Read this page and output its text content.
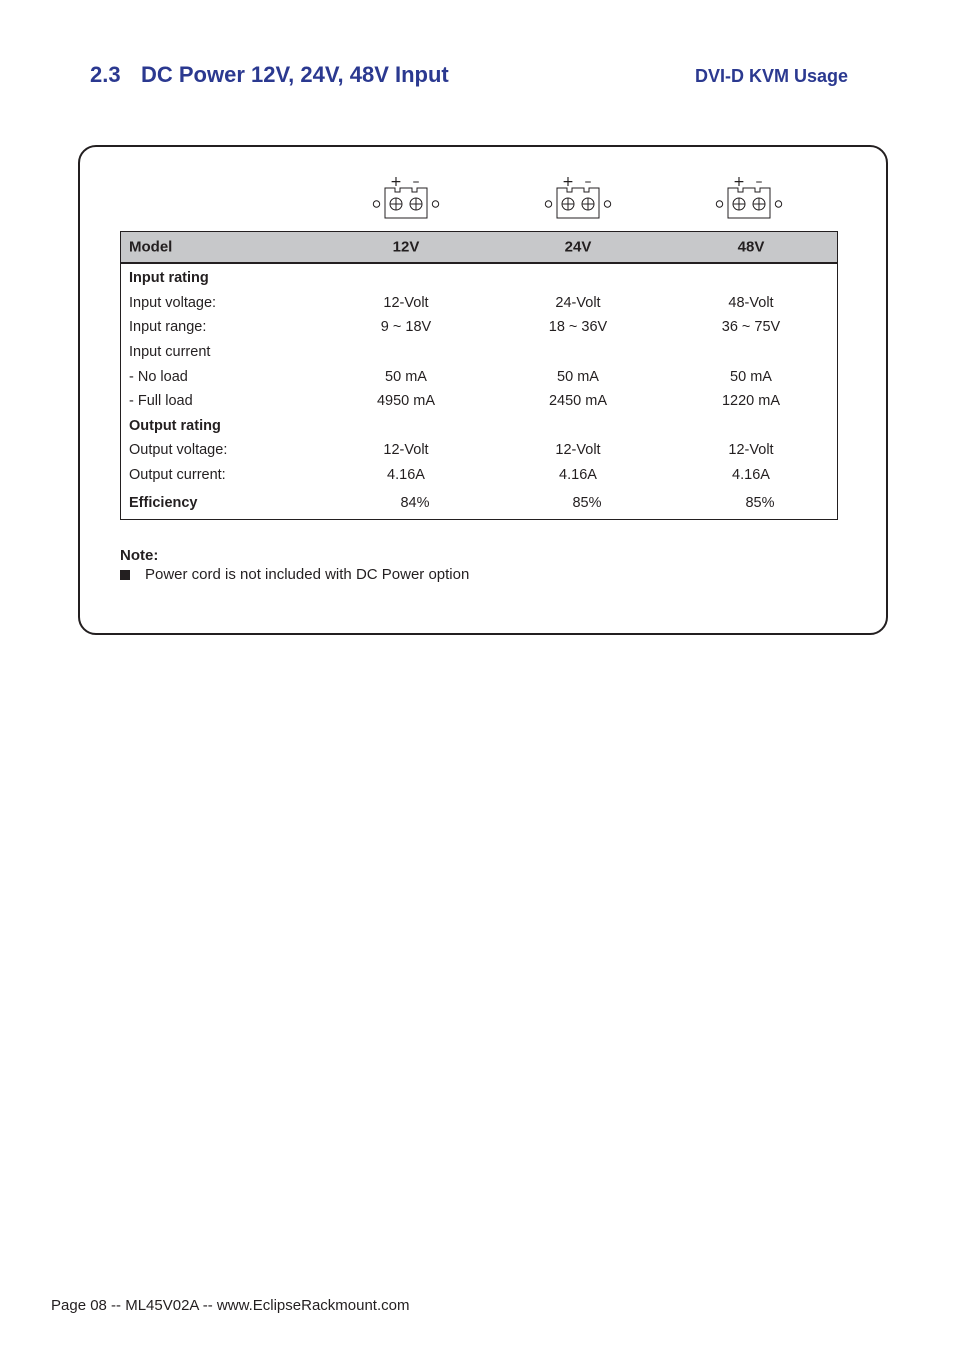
2.3 DC Power 12V, 24V, 48V Input	DVI-D KVM Usage
+ –	+ –	+ –
Model	12V	24V	48V
Input rating
Input voltage:	12-Volt	24-Volt	48-Volt
Input range:	9 ~ 18V	18 ~ 36V	36 ~ 75V
Input current
- No load	50 mA	50 mA	50 mA
- Full load	4950 mA	2450 mA	1220 mA
Output rating
Output voltage:	12-Volt	12-Volt	12-Volt
Output current:	4.16A	4.16A	4.16A
Efficiency	84%	85%	85%
Note:
Power cord is not included with DC Power option
Page 08 -- ML45V02A -- www.EclipseRackmount.com
